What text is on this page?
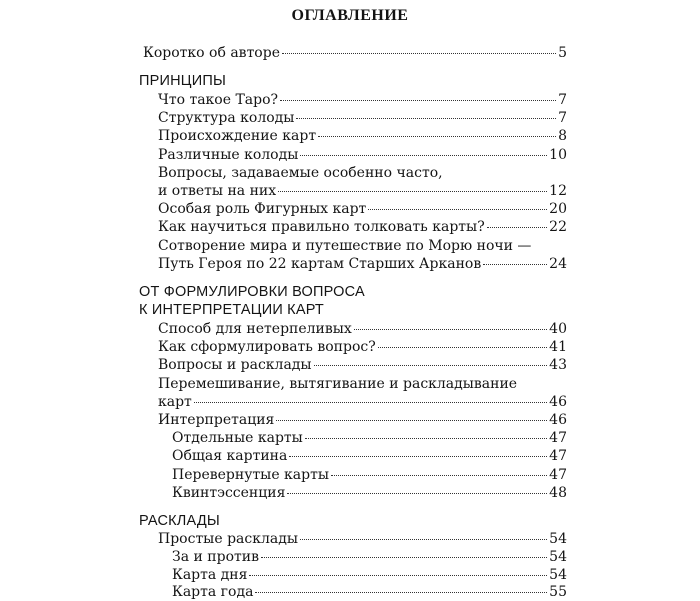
ОГЛАВЛЕНИЕ
Коротко об авторе	5
ПРИНЦИПЫ
Что такое Таро?	7
Структура колоды	7
Происхождение карт	8
Различные колоды	10
Вопросы, задаваемые особенно часто,
и ответы на них	12
Особая роль Фигурных карт	20
Как научиться правильно толковать карты?	22
Сотворение мира и путешествие по Морю ночи —
Путь Героя по 22 картам Старших Арканов	24
ОТ ФОРМУЛИРОВКИ ВОПРОСА
К ИНТЕРПРЕТАЦИИ КАРТ
Способ для нетерпеливых	40
Как сформулировать вопрос?	41
Вопросы и расклады	43
Перемешивание, вытягивание и раскладывание
карт	46
Интерпретация	46
Отдельные карты	47
Общая картина	47
Перевернутые карты	47
Квинтэссенция	48
РАСКЛАДЫ
Простые расклады	54
За и против	54
Карта дня	54
Карта года	55
